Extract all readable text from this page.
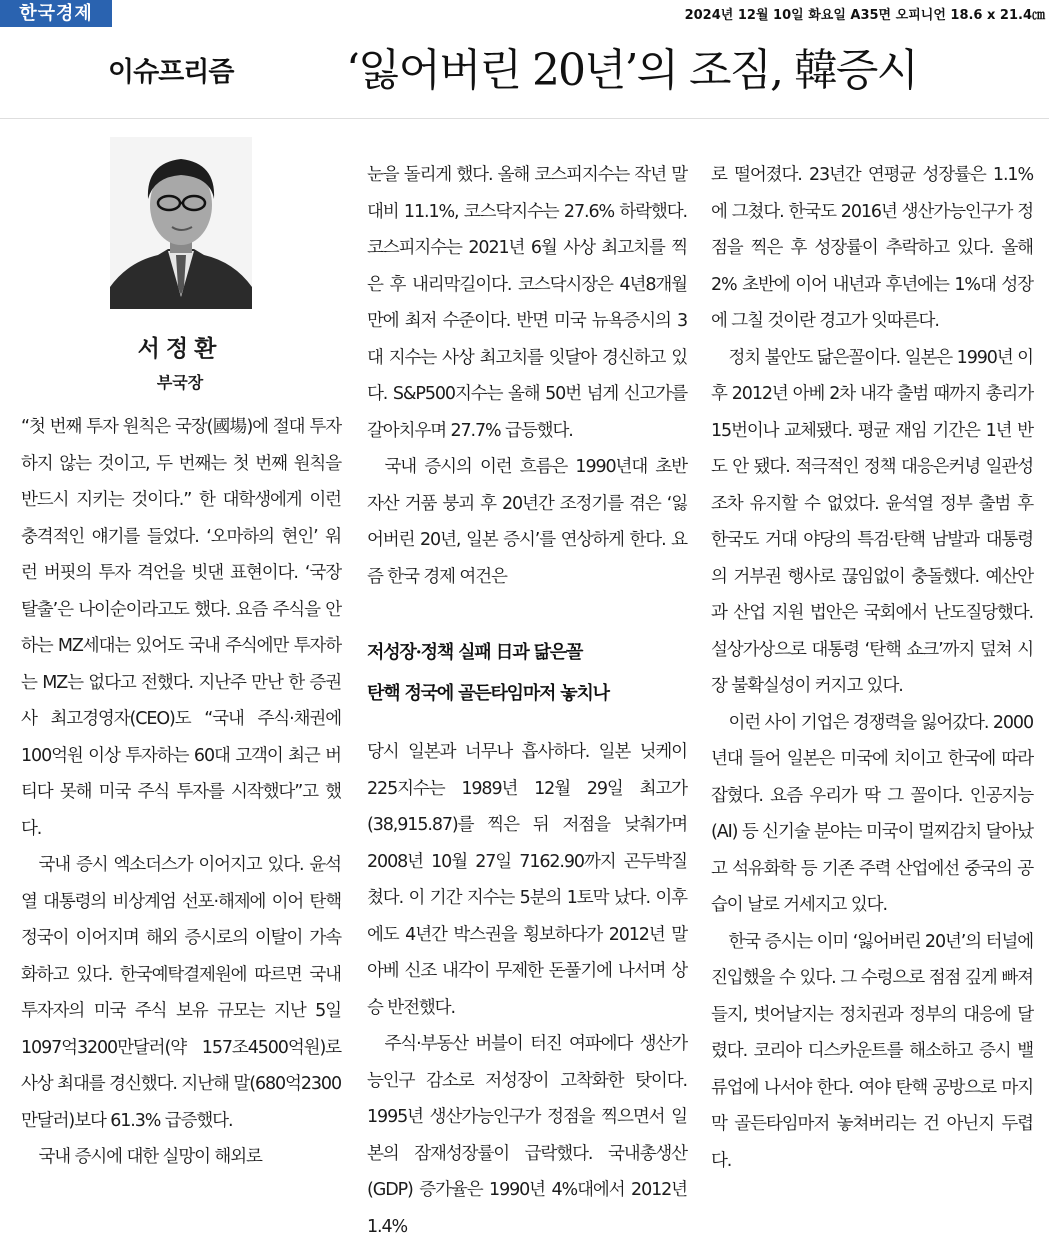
한국경제	2024년 12월 10일 화요일 A35면 오피니언 18.6 x 21.4㎝
이슈프리즘	‘잃어버린 20년’의 조짐, 韓증시
서정환
부국장

“첫 번째 투자 원칙은 국장(國場)에 절대 투자하지 않는 것이고, 두 번째는 첫 번째 원칙을 반드시 지키는 것이다.” 한 대학생에게 이런 충격적인 얘기를 들었다. ‘오마하의 현인’ 워런 버핏의 투자 격언을 빗댄 표현이다. ‘국장 탈출’은 나이순이라고도 했다. 요즘 주식을 안 하는 MZ세대는 있어도 국내 주식에만 투자하는 MZ는 없다고 전했다. 지난주 만난 한 증권사 최고경영자(CEO)도 “국내 주식·채권에 100억원 이상 투자하는 60대 고객이 최근 버티다 못해 미국 주식 투자를 시작했다”고 했다.

국내 증시 엑소더스가 이어지고 있다. 윤석열 대통령의 비상계엄 선포·해제에 이어 탄핵 정국이 이어지며 해외 증시로의 이탈이 가속화하고 있다. 한국예탁결제원에 따르면 국내 투자자의 미국 주식 보유 규모는 지난 5일 1097억3200만달러(약 157조4500억원)로 사상 최대를 경신했다. 지난해 말(680억2300만달러)보다 61.3% 급증했다.

국내 증시에 대한 실망이 해외로

눈을 돌리게 했다. 올해 코스피지수는 작년 말 대비 11.1%, 코스닥지수는 27.6% 하락했다. 코스피지수는 2021년 6월 사상 최고치를 찍은 후 내리막길이다. 코스닥시장은 4년8개월 만에 최저 수준이다. 반면 미국 뉴욕증시의 3대 지수는 사상 최고치를 잇달아 경신하고 있다. S&P500지수는 올해 50번 넘게 신고가를 갈아치우며 27.7% 급등했다.

국내 증시의 이런 흐름은 1990년대 초반 자산 거품 붕괴 후 20년간 조정기를 겪은 ‘잃어버린 20년, 일본 증시’를 연상하게 한다. 요즘 한국 경제 여건은

저성장·정책 실패 日과 닮은꼴
탄핵 정국에 골든타임마저 놓치나

당시 일본과 너무나 흡사하다. 일본 닛케이225지수는 1989년 12월 29일 최고가(38,915.87)를 찍은 뒤 저점을 낮춰가며 2008년 10월 27일 7162.90까지 곤두박질쳤다. 이 기간 지수는 5분의 1토막 났다. 이후에도 4년간 박스권을 횡보하다가 2012년 말 아베 신조 내각이 무제한 돈풀기에 나서며 상승 반전했다.

주식·부동산 버블이 터진 여파에다 생산가능인구 감소로 저성장이 고착화한 탓이다. 1995년 생산가능인구가 정점을 찍으면서 일본의 잠재성장률이 급락했다. 국내총생산(GDP) 증가율은 1990년 4%대에서 2012년 1.4%

로 떨어졌다. 23년간 연평균 성장률은 1.1%에 그쳤다. 한국도 2016년 생산가능인구가 정점을 찍은 후 성장률이 추락하고 있다. 올해 2% 초반에 이어 내년과 후년에는 1%대 성장에 그칠 것이란 경고가 잇따른다.

정치 불안도 닮은꼴이다. 일본은 1990년 이후 2012년 아베 2차 내각 출범 때까지 총리가 15번이나 교체됐다. 평균 재임 기간은 1년 반도 안 됐다. 적극적인 정책 대응은커녕 일관성조차 유지할 수 없었다. 윤석열 정부 출범 후 한국도 거대 야당의 특검·탄핵 남발과 대통령의 거부권 행사로 끊임없이 충돌했다. 예산안과 산업 지원 법안은 국회에서 난도질당했다. 설상가상으로 대통령 ‘탄핵 쇼크’까지 덮쳐 시장 불확실성이 커지고 있다.

이런 사이 기업은 경쟁력을 잃어갔다. 2000년대 들어 일본은 미국에 치이고 한국에 따라잡혔다. 요즘 우리가 딱 그 꼴이다. 인공지능(AI) 등 신기술 분야는 미국이 멀찌감치 달아났고 석유화학 등 기존 주력 산업에선 중국의 공습이 날로 거세지고 있다.

한국 증시는 이미 ‘잃어버린 20년’의 터널에 진입했을 수 있다. 그 수렁으로 점점 깊게 빠져들지, 벗어날지는 정치권과 정부의 대응에 달렸다. 코리아 디스카운트를 해소하고 증시 밸류업에 나서야 한다. 여야 탄핵 공방으로 마지막 골든타임마저 놓쳐버리는 건 아닌지 두렵다.
